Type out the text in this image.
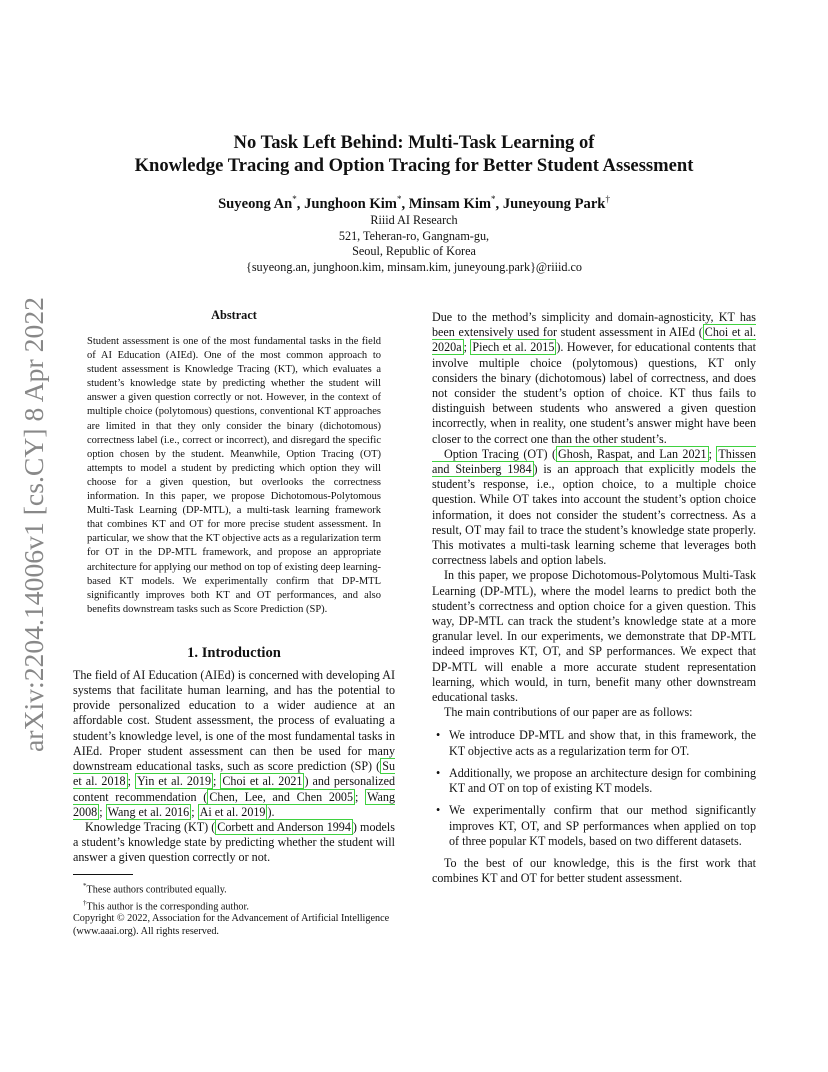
arXiv:2204.14006v1 [cs.CY] 8 Apr 2022
No Task Left Behind: Multi-Task Learning of
Knowledge Tracing and Option Tracing for Better Student Assessment
Suyeong An*, Junghoon Kim*, Minsam Kim*, Juneyoung Park†
Riiid AI Research
521, Teheran-ro, Gangnam-gu,
Seoul, Republic of Korea
{suyeong.an, junghoon.kim, minsam.kim, juneyoung.park}@riiid.co
Abstract

Student assessment is one of the most fundamental tasks in the field of AI Education (AIEd). One of the most common approach to student assessment is Knowledge Tracing (KT), which evaluates a student’s knowledge state by predicting whether the student will answer a given question correctly or not. However, in the context of multiple choice (polytomous) questions, conventional KT approaches are limited in that they only consider the binary (dichotomous) correctness label (i.e., correct or incorrect), and disregard the specific option chosen by the student. Meanwhile, Option Tracing (OT) attempts to model a student by predicting which option they will choose for a given question, but overlooks the correctness information. In this paper, we propose Dichotomous-Polytomous Multi-Task Learning (DP-MTL), a multi-task learning framework that combines KT and OT for more precise student assessment. In particular, we show that the KT objective acts as a regularization term for OT in the DP-MTL framework, and propose an appropriate architecture for applying our method on top of existing deep learning-based KT models. We experimentally confirm that DP-MTL significantly improves both KT and OT performances, and also benefits downstream tasks such as Score Prediction (SP).

1. Introduction

The field of AI Education (AIEd) is concerned with developing AI systems that facilitate human learning, and has the potential to provide personalized education to a wider audience at an affordable cost. Student assessment, the process of evaluating a student’s knowledge level, is one of the most fundamental tasks in AIEd. Proper student assessment can then be used for many downstream educational tasks, such as score prediction (SP) ( Su et al. 2018 ; Yin et al. 2019 ; Choi et al. 2021 ) and personalized content recommendation ( Chen, Lee, and Chen 2005 ; Wang 2008 ; Wang et al. 2016 ; Ai et al. 2019 ).

Knowledge Tracing (KT) ( Corbett and Anderson 1994 ) models a student’s knowledge state by predicting whether the student will answer a given question correctly or not.

*These authors contributed equally.

†This author is the corresponding author.

Copyright © 2022, Association for the Advancement of Artificial Intelligence (www.aaai.org). All rights reserved.

Due to the method’s simplicity and domain-agnosticity, KT has been extensively used for student assessment in AIEd ( Choi et al. 2020a ; Piech et al. 2015 ). However, for educational contents that involve multiple choice (polytomous) questions, KT only considers the binary (dichotomous) label of correctness, and does not consider the student’s option of choice. KT thus fails to distinguish between students who answered a given question incorrectly, when in reality, one student’s answer might have been closer to the correct one than the other student’s.

Option Tracing (OT) ( Ghosh, Raspat, and Lan 2021 ; Thissen and Steinberg 1984 ) is an approach that explicitly models the student’s response, i.e., option choice, to a multiple choice question. While OT takes into account the student’s option choice information, it does not consider the student’s correctness. As a result, OT may fail to trace the student’s knowledge state properly. This motivates a multi-task learning scheme that leverages both correctness labels and option labels.

In this paper, we propose Dichotomous-Polytomous Multi-Task Learning (DP-MTL), where the model learns to predict both the student’s correctness and option choice for a given question. This way, DP-MTL can track the student’s knowledge state at a more granular level. In our experiments, we demonstrate that DP-MTL indeed improves KT, OT, and SP performances. We expect that DP-MTL will enable a more accurate student representation learning, which would, in turn, benefit many other downstream educational tasks.

The main contributions of our paper are as follows:

• We introduce DP-MTL and show that, in this framework, the KT objective acts as a regularization term for OT.
• Additionally, we propose an architecture design for combining KT and OT on top of existing KT models.
• We experimentally confirm that our method significantly improves KT, OT, and SP performances when applied on top of three popular KT models, based on two different datasets.

To the best of our knowledge, this is the first work that combines KT and OT for better student assessment.
